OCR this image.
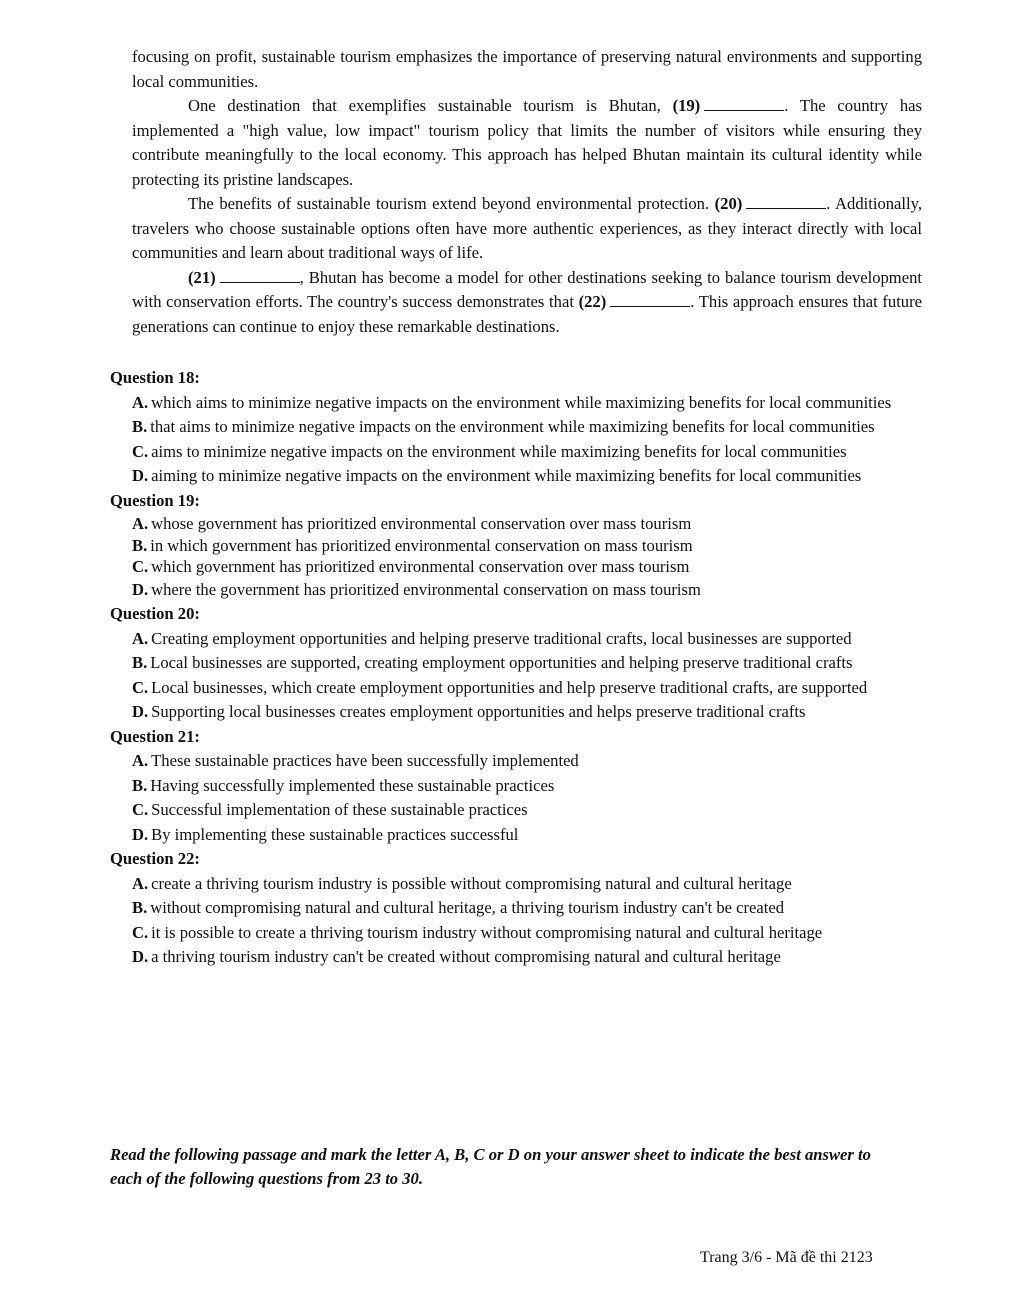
focusing on profit, sustainable tourism emphasizes the importance of preserving natural environments and supporting local communities.

One destination that exemplifies sustainable tourism is Bhutan, (19)	. The country has implemented a "high value, low impact" tourism policy that limits the number of visitors while ensuring they contribute meaningfully to the local economy. This approach has helped Bhutan maintain its cultural identity while protecting its pristine landscapes.

The benefits of sustainable tourism extend beyond environmental protection. (20)	. Additionally, travelers who choose sustainable options often have more authentic experiences, as they interact directly with local communities and learn about traditional ways of life.

(21)	, Bhutan has become a model for other destinations seeking to balance tourism development with conservation efforts. The country's success demonstrates that (22)	. This approach ensures that future generations can continue to enjoy these remarkable destinations.

Question 18:

A. which aims to minimize negative impacts on the environment while maximizing benefits for local communities

B. that aims to minimize negative impacts on the environment while maximizing benefits for local communities

C. aims to minimize negative impacts on the environment while maximizing benefits for local communities

D. aiming to minimize negative impacts on the environment while maximizing benefits for local communities

Question 19:

A. whose government has prioritized environmental conservation over mass tourism

B. in which government has prioritized environmental conservation on mass tourism

C. which government has prioritized environmental conservation over mass tourism

D. where the government has prioritized environmental conservation on mass tourism

Question 20:

A. Creating employment opportunities and helping preserve traditional crafts, local businesses are supported

B. Local businesses are supported, creating employment opportunities and helping preserve traditional crafts

C. Local businesses, which create employment opportunities and help preserve traditional crafts, are supported

D. Supporting local businesses creates employment opportunities and helps preserve traditional crafts

Question 21:

A. These sustainable practices have been successfully implemented

B. Having successfully implemented these sustainable practices

C. Successful implementation of these sustainable practices

D. By implementing these sustainable practices successful

Question 22:

A. create a thriving tourism industry is possible without compromising natural and cultural heritage

B. without compromising natural and cultural heritage, a thriving tourism industry can't be created

C. it is possible to create a thriving tourism industry without compromising natural and cultural heritage

D. a thriving tourism industry can't be created without compromising natural and cultural heritage

Read the following passage and mark the letter A, B, C or D on your answer sheet to indicate the best answer to each of the following questions from 23 to 30.

Trang 3/6 - Mã đề thi 2123
